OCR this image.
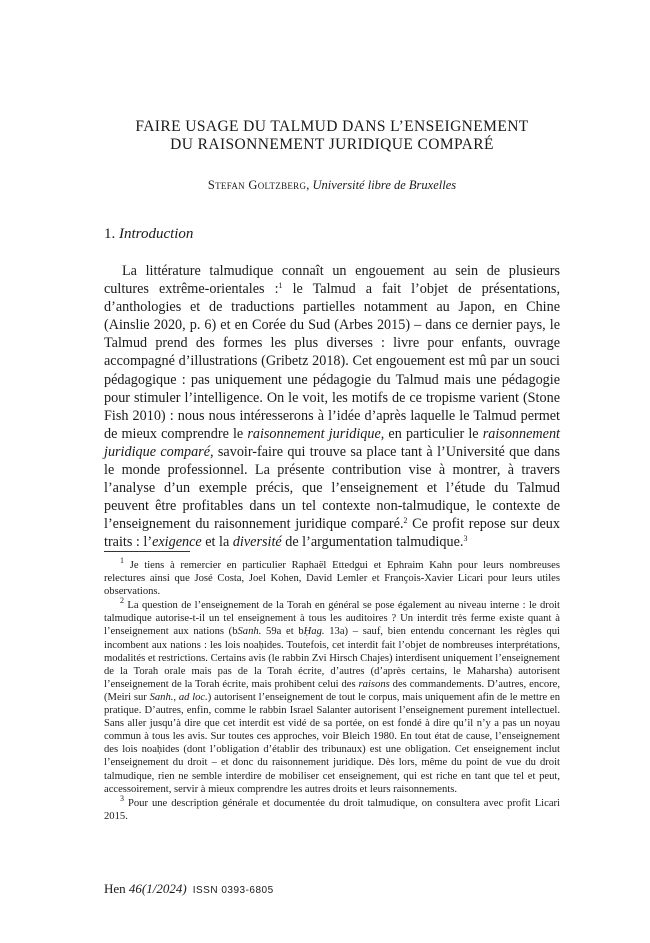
FAIRE USAGE DU TALMUD DANS L’ENSEIGNEMENT
DU RAISONNEMENT JURIDIQUE COMPARÉ
Stefan Goltzberg, Université libre de Bruxelles
1. Introduction

La littérature talmudique connaît un engouement au sein de plusieurs cultures extrême-orientales :$^1$ le Talmud a fait l’objet de présentations, d’anthologies et de traductions partielles notamment au Japon, en Chine (Ainslie 2020, p. 6) et en Corée du Sud (Arbes 2015) – dans ce dernier pays, le Talmud prend des formes les plus diverses : livre pour enfants, ouvrage accompagné d’illustrations (Gribetz 2018). Cet engouement est mû par un souci pédagogique : pas uniquement une pédagogie du Talmud mais une pédagogie pour stimuler l’intelligence. On le voit, les motifs de ce tropisme varient (Stone Fish 2010) : nous nous intéresserons à l’idée d’après laquelle le Talmud permet de mieux comprendre le raisonnement juridique, en particulier le raisonnement juridique comparé, savoir-faire qui trouve sa place tant à l’Université que dans le monde professionnel. La présente contribution vise à montrer, à travers l’analyse d’un exemple précis, que l’enseignement et l’étude du Talmud peuvent être profitables dans un tel contexte non-talmudique, le contexte de l’enseignement du raisonnement juridique comparé.$^2$ Ce profit repose sur deux traits : l’exigence et la diversité de l’argumentation talmudique.$^3$

$^1$ Je tiens à remercier en particulier Raphaël Ettedgui et Ephraim Kahn pour leurs nombreuses relectures ainsi que José Costa, Joel Kohen, David Lemler et François-Xavier Licari pour leurs utiles observations.

$^2$ La question de l’enseignement de la Torah en général se pose également au niveau interne : le droit talmudique autorise-t-il un tel enseignement à tous les auditoires ? Un interdit très ferme existe quant à l’enseignement aux nations (bSanh. 59a et bḤag. 13a) – sauf, bien entendu concernant les règles qui incombent aux nations : les lois noaḥides. Toutefois, cet interdit fait l’objet de nombreuses interprétations, modalités et restrictions. Certains avis (le rabbin Zvi Hirsch Chajes) interdisent uniquement l’enseignement de la Torah orale mais pas de la Torah écrite, d’autres (d’après certains, le Maharsha) autorisent l’enseignement de la Torah écrite, mais prohibent celui des raisons des commandements. D’autres, encore, (Meiri sur Sanh., ad loc.) autorisent l’enseignement de tout le corpus, mais uniquement afin de le mettre en pratique. D’autres, enfin, comme le rabbin Israel Salanter autorisent l’enseignement purement intellectuel. Sans aller jusqu’à dire que cet interdit est vidé de sa portée, on est fondé à dire qu’il n’y a pas un noyau commun à tous les avis. Sur toutes ces approches, voir Bleich 1980. En tout état de cause, l’enseignement des lois noaḥides (dont l’obligation d’établir des tribunaux) est une obligation. Cet enseignement inclut l’enseignement du droit – et donc du raisonnement juridique. Dès lors, même du point de vue du droit talmudique, rien ne semble interdire de mobiliser cet enseignement, qui est riche en tant que tel et peut, accessoirement, servir à mieux comprendre les autres droits et leurs raisonnements.

$^3$ Pour une description générale et documentée du droit talmudique, on consultera avec profit Licari 2015.

Hen 46(1/2024) ISSN 0393-6805
